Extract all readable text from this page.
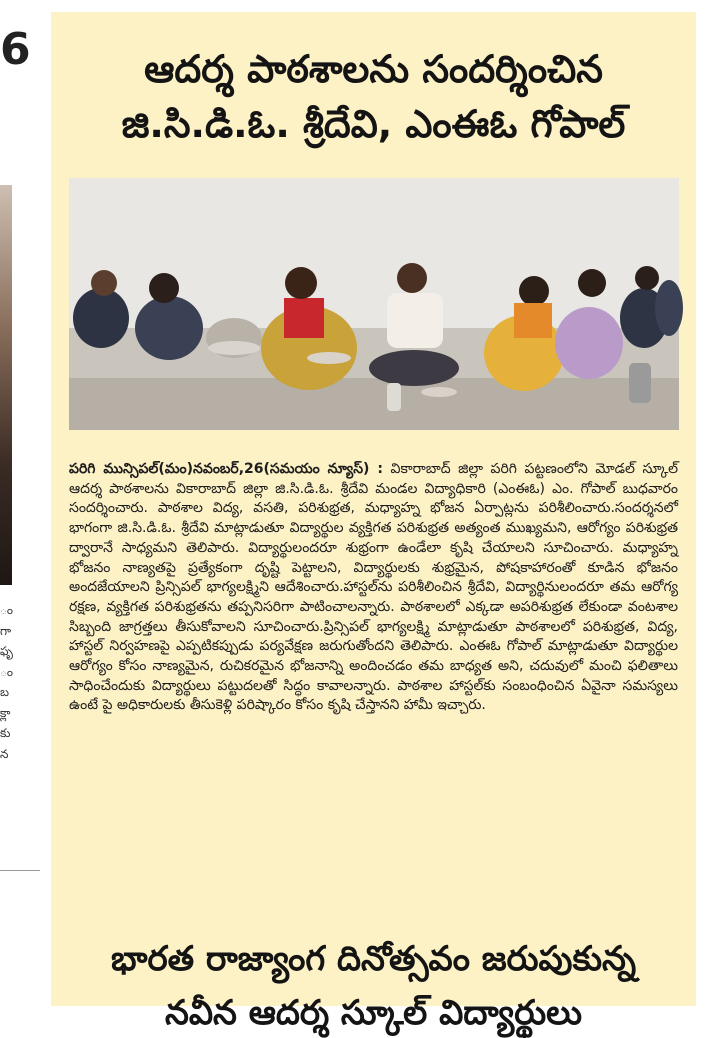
6
ం
గా
ఫృ
ం
బ
క్లా
కు
న
ఆదర్శ పాఠశాలను సందర్శించిన
జి.సి.డి.ఓ. శ్రీదేవి, ఎంఈఓ గోపాల్
పరిగి మున్సిపల్(మం)నవంబర్,26(సమయం న్యూస్) : వికారాబాద్ జిల్లా పరిగి పట్టణంలోని మోడల్ స్కూల్ ఆదర్శ పాఠశాలను వికారాబాద్ జిల్లా జి.సి.డి.ఓ. శ్రీదేవి మండల విద్యాధికారి (ఎంఈఓ) ఎం. గోపాల్ బుధవారం సందర్శించారు. పాఠశాల విద్య, వసతి, పరిశుభ్రత, మధ్యాహ్న భోజన ఏర్పాట్లను పరిశీలించారు.సందర్శనలో భాగంగా జి.సి.డి.ఓ. శ్రీదేవి మాట్లాడుతూ విద్యార్థుల వ్యక్తిగత పరిశుభ్రత అత్యంత ముఖ్యమని, ఆరోగ్యం పరిశుభ్రత ద్వారానే సాధ్యమని తెలిపారు. విద్యార్థులందరూ శుభ్రంగా ఉండేలా కృషి చేయాలని సూచించారు. మధ్యాహ్న భోజనం నాణ్యతపై ప్రత్యేకంగా దృష్టి పెట్టాలని, విద్యార్థులకు శుభ్రమైన, పోషకాహారంతో కూడిన భోజనం అందజేయాలని ప్రిన్సిపల్ భాగ్యలక్ష్మిని ఆదేశించారు.హాస్టల్‌ను పరిశీలించిన శ్రీదేవి, విద్యార్థినులందరూ తమ ఆరోగ్య రక్షణ, వ్యక్తిగత పరిశుభ్రతను తప్పనిసరిగా పాటించాలన్నారు. పాఠశాలలో ఎక్కడా అపరిశుభ్రత లేకుండా వంటశాల సిబ్బంది జాగ్రత్తలు తీసుకోవాలని సూచించారు.ప్రిన్సిపల్ భాగ్యలక్ష్మి మాట్లాడుతూ పాఠశాలలో పరిశుభ్రత, విద్య, హాస్టల్ నిర్వహణపై ఎప్పటికప్పుడు పర్యవేక్షణ జరుగుతోందని తెలిపారు. ఎంఈఓ గోపాల్ మాట్లాడుతూ విద్యార్థుల ఆరోగ్యం కోసం నాణ్యమైన, రుచికరమైన భోజనాన్ని అందించడం తమ బాధ్యత అని, చదువులో మంచి ఫలితాలు సాధించేందుకు విద్యార్థులు పట్టుదలతో సిద్ధం కావాలన్నారు. పాఠశాల హాస్టల్‌కు సంబంధించిన ఏవైనా సమస్యలు ఉంటే పై అధికారులకు తీసుకెళ్లి పరిష్కారం కోసం కృషి చేస్తానని హామీ ఇచ్చారు.
భారత రాజ్యాంగ దినోత్సవం జరుపుకున్న
నవీన ఆదర్శ స్కూల్ విద్యార్థులు
